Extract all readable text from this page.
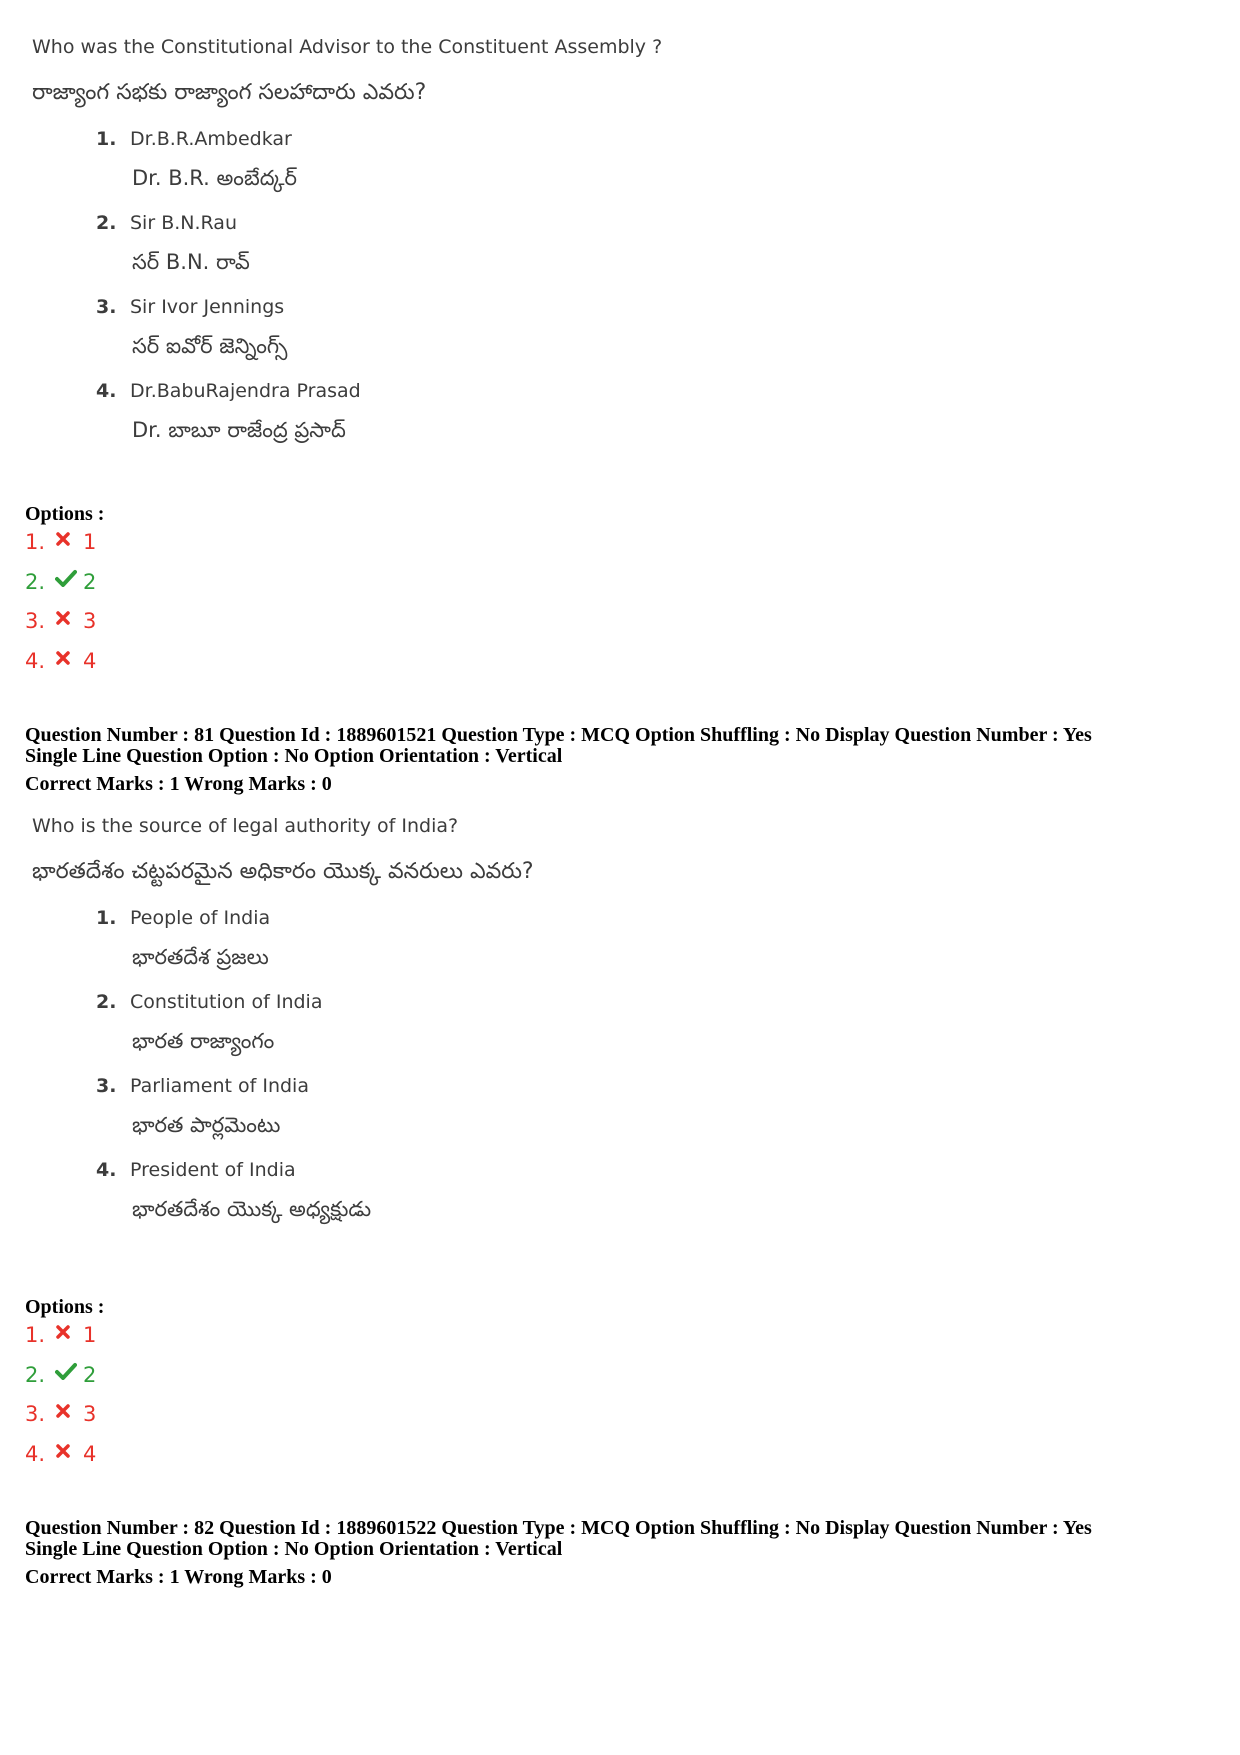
Who was the Constitutional Advisor to the Constituent Assembly ?
రాజ్యాంగ సభకు రాజ్యాంగ సలహాదారు ఎవరు?
1. Dr.B.R.Ambedkar
Dr. B.R. అంబేద్కర్
2. Sir B.N.Rau
సర్ B.N. రావ్
3. Sir Ivor Jennings
సర్ ఐవోర్ జెన్నింగ్స్
4. Dr.BabuRajendra Prasad
Dr. బాబూ రాజేంద్ర ప్రసాద్
Options :
1.	1
2.	2
3.	3
4.	4
Question Number : 81 Question Id : 1889601521 Question Type : MCQ Option Shuffling : No Display Question Number : Yes
Single Line Question Option : No Option Orientation : Vertical
Correct Marks : 1 Wrong Marks : 0
Who is the source of legal authority of India?
భారతదేశం చట్టపరమైన అధికారం యొక్క వనరులు ఎవరు?
1. People of India
భారతదేశ ప్రజలు
2. Constitution of India
భారత రాజ్యాంగం
3. Parliament of India
భారత పార్లమెంటు
4. President of India
భారతదేశం యొక్క అధ్యక్షుడు
Options :
1.	1
2.	2
3.	3
4.	4
Question Number : 82 Question Id : 1889601522 Question Type : MCQ Option Shuffling : No Display Question Number : Yes
Single Line Question Option : No Option Orientation : Vertical
Correct Marks : 1 Wrong Marks : 0
